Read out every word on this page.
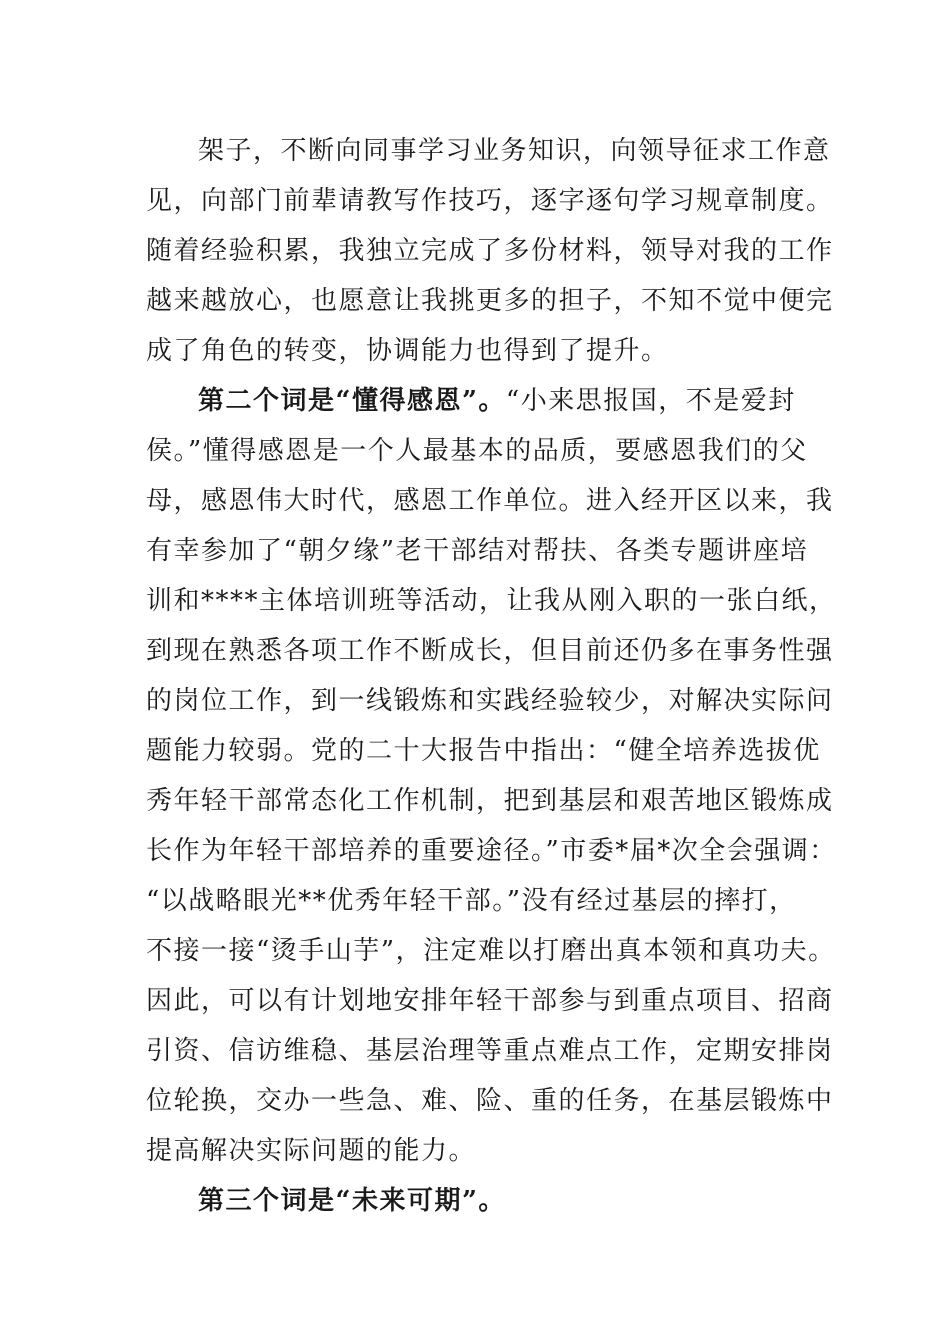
架子，不断向同事学习业务知识，向领导征求工作意
见，向部门前辈请教写作技巧，逐字逐句学习规章制度。
随着经验积累，我独立完成了多份材料，领导对我的工作
越来越放心，也愿意让我挑更多的担子，不知不觉中便完
成了角色的转变，协调能力也得到了提升。
第二个词是“懂得感恩”。“小来思报国，不是爱封
侯。”懂得感恩是一个人最基本的品质，要感恩我们的父
母，感恩伟大时代，感恩工作单位。进入经开区以来，我
有幸参加了“朝夕缘”老干部结对帮扶、各类专题讲座培
训和****主体培训班等活动，让我从刚入职的一张白纸，
到现在熟悉各项工作不断成长，但目前还仍多在事务性强
的岗位工作，到一线锻炼和实践经验较少，对解决实际问
题能力较弱。党的二十大报告中指出：“健全培养选拔优
秀年轻干部常态化工作机制，把到基层和艰苦地区锻炼成
长作为年轻干部培养的重要途径。”市委*届*次全会强调：
“以战略眼光**优秀年轻干部。”没有经过基层的摔打，
不接一接“烫手山芋”，注定难以打磨出真本领和真功夫。
因此，可以有计划地安排年轻干部参与到重点项目、招商
引资、信访维稳、基层治理等重点难点工作，定期安排岗
位轮换，交办一些急、难、险、重的任务，在基层锻炼中
提高解决实际问题的能力。
第三个词是“未来可期”。
